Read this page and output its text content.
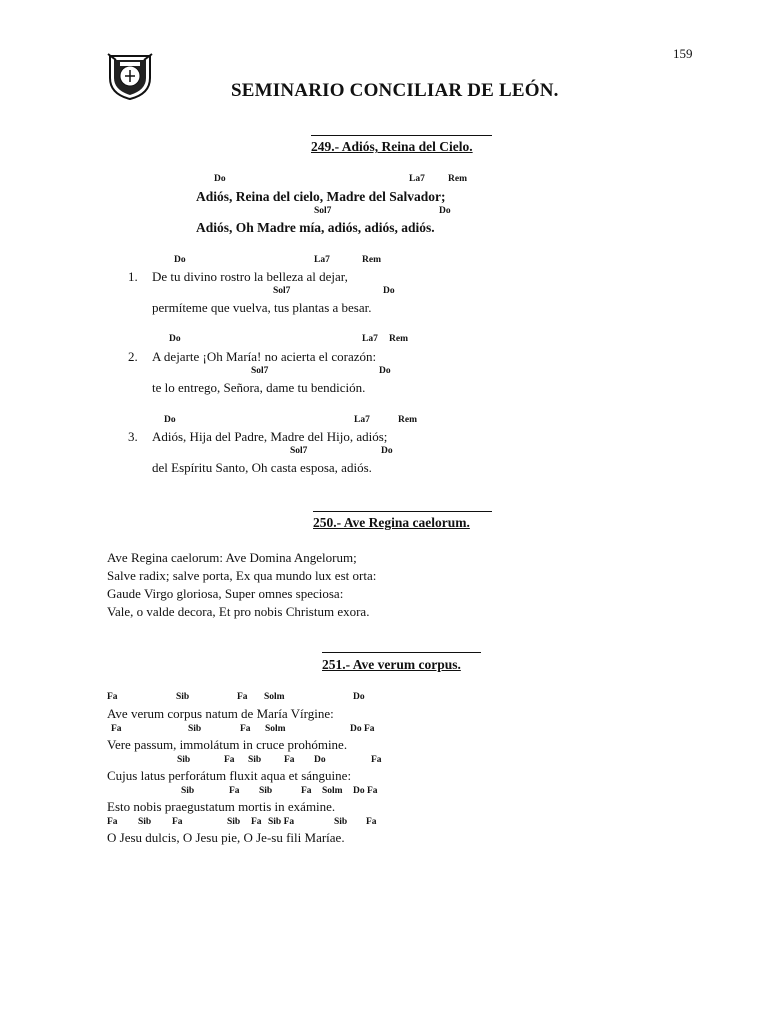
159
SEMINARIO CONCILIAR DE LEÓN.
249.- Adiós, Reina del Cielo.
Do	La7 Rem
Adiós, Reina del cielo, Madre del Salvador;
Sol7	Do
Adiós, Oh Madre mía, adiós, adiós, adiós.
Do	La7	Rem
1. De tu divino rostro la belleza al dejar,
Sol7	Do
permíteme que vuelva, tus plantas a besar.
Do	La7 Rem
2. A dejarte ¡Oh María! no acierta el corazón:
Sol7	Do
te lo entrego, Señora, dame tu bendición.
Do	La7	Rem
3. Adiós, Hija del Padre, Madre del Hijo, adiós;
Sol7	Do
del Espíritu Santo, Oh casta esposa, adiós.
250.- Ave Regina caelorum.
Ave Regina caelorum: Ave Domina Angelorum;
Salve radix; salve porta, Ex qua mundo lux est orta:
Gaude Virgo gloriosa, Super omnes speciosa:
Vale, o valde decora, Et pro nobis Christum exora.
251.- Ave verum corpus.
Fa	Sib	Fa Solm	Do
Ave verum corpus natum de María Vírgine:
Fa	Sib	Fa Solm	Do Fa
Vere passum, immolátum in cruce prohómine.
Sib	Fa Sib Fa Do	Fa
Cujus latus perforátum fluxit aqua et sánguine:
Sib	Fa Sib	Fa Solm Do Fa
Esto nobis praegustatum mortis in exámine.
Fa Sib Fa	Sib Fa Sib Fa	Sib Fa
O Jesu dulcis, O Jesu pie, O Je-su fili Maríae.
